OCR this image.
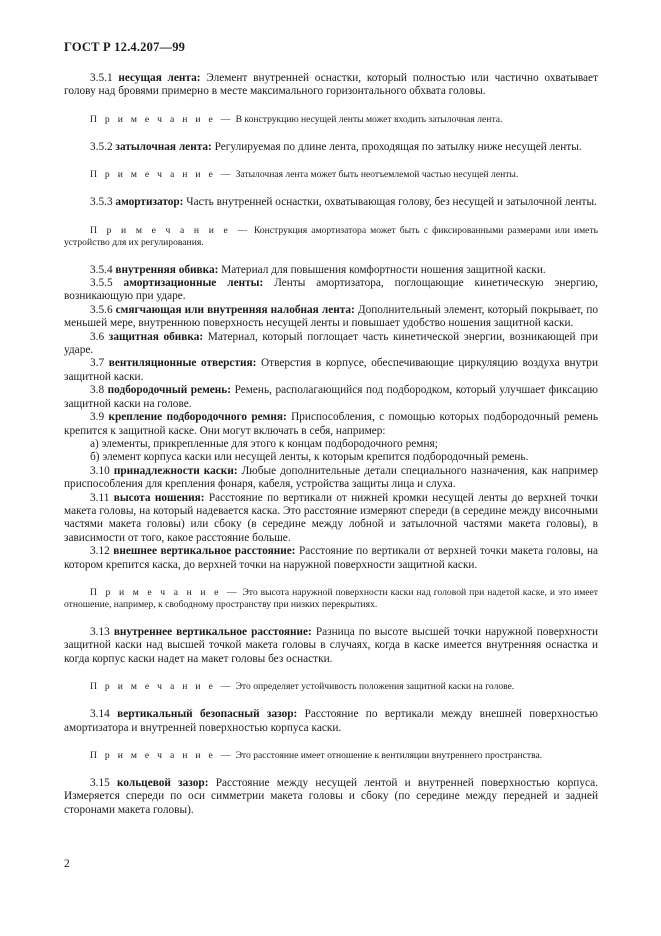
ГОСТ Р 12.4.207—99

3.5.1 несущая лента: Элемент внутренней оснастки, который полностью или частично охватывает голову над бровями примерно в месте максимального горизонтального обхвата головы.

П р и м е ч а н и е — В конструкцию несущей ленты может входить затылочная лента.

3.5.2 затылочная лента: Регулируемая по длине лента, проходящая по затылку ниже несущей ленты.

П р и м е ч а н и е — Затылочная лента может быть неотъемлемой частью несущей ленты.

3.5.3 амортизатор: Часть внутренней оснастки, охватывающая голову, без несущей и затылочной ленты.

П р и м е ч а н и е — Конструкция амортизатора может быть с фиксированными размерами или иметь устройство для их регулирования.

3.5.4 внутренняя обивка: Материал для повышения комфортности ношения защитной каски.

3.5.5 амортизационные ленты: Ленты амортизатора, поглощающие кинетическую энергию, возникающую при ударе.

3.5.6 смягчающая или внутренняя налобная лента: Дополнительный элемент, который покрывает, по меньшей мере, внутреннюю поверхность несущей ленты и повышает удобство ношения защитной каски.

3.6 защитная обивка: Материал, который поглощает часть кинетической энергии, возникающей при ударе.

3.7 вентиляционные отверстия: Отверстия в корпусе, обеспечивающие циркуляцию воздуха внутри защитной каски.

3.8 подбородочный ремень: Ремень, располагающийся под подбородком, который улучшает фиксацию защитной каски на голове.

3.9 крепление подбородочного ремня: Приспособления, с помощью которых подбородочный ремень крепится к защитной каске. Они могут включать в себя, например:

а) элементы, прикрепленные для этого к концам подбородочного ремня;

б) элемент корпуса каски или несущей ленты, к которым крепится подбородочный ремень.

3.10 принадлежности каски: Любые дополнительные детали специального назначения, как например приспособления для крепления фонаря, кабеля, устройства защиты лица и слуха.

3.11 высота ношения: Расстояние по вертикали от нижней кромки несущей ленты до верхней точки макета головы, на который надевается каска. Это расстояние измеряют спереди (в середине между височными частями макета головы) или сбоку (в середине между лобной и затылочной частями макета головы), в зависимости от того, какое расстояние больше.

3.12 внешнее вертикальное расстояние: Расстояние по вертикали от верхней точки макета головы, на котором крепится каска, до верхней точки на наружной поверхности защитной каски.

П р и м е ч а н и е — Это высота наружной поверхности каски над головой при надетой каске, и это имеет отношение, например, к свободному пространству при низких перекрытиях.

3.13 внутреннее вертикальное расстояние: Разница по высоте высшей точки наружной поверхности защитной каски над высшей точкой макета головы в случаях, когда в каске имеется внутренняя оснастка и когда корпус каски надет на макет головы без оснастки.

П р и м е ч а н и е — Это определяет устойчивость положения защитной каски на голове.

3.14 вертикальный безопасный зазор: Расстояние по вертикали между внешней поверхностью амортизатора и внутренней поверхностью корпуса каски.

П р и м е ч а н и е — Это расстояние имеет отношение к вентиляции внутреннего пространства.

3.15 кольцевой зазор: Расстояние между несущей лентой и внутренней поверхностью корпуса. Измеряется спереди по оси симметрии макета головы и сбоку (по середине между передней и задней сторонами макета головы).

2
